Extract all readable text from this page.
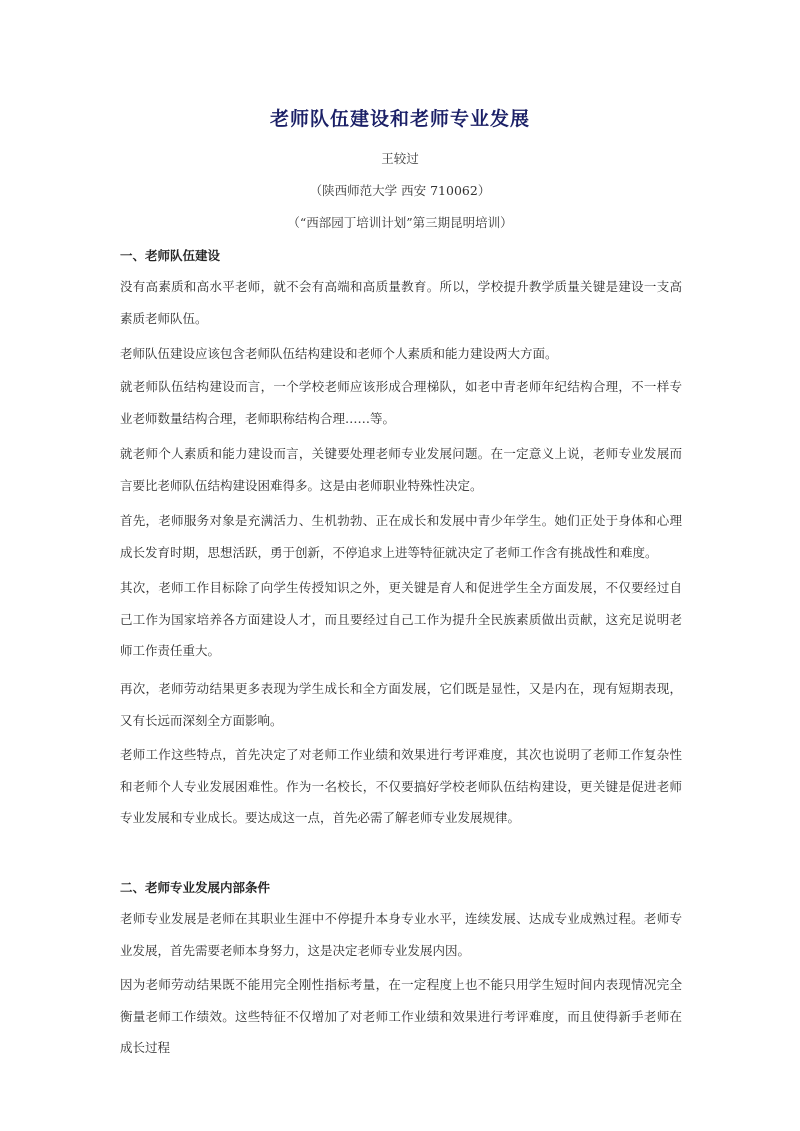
老师队伍建设和老师专业发展
王较过
（陕西师范大学 西安 710062）
（“西部园丁培训计划”第三期昆明培训）
一、老师队伍建设

没有高素质和高水平老师，就不会有高端和高质量教育。所以，学校提升教学质量关键是建设一支高素质老师队伍。

老师队伍建设应该包含老师队伍结构建设和老师个人素质和能力建设两大方面。

就老师队伍结构建设而言，一个学校老师应该形成合理梯队，如老中青老师年纪结构合理，不一样专业老师数量结构合理，老师职称结构合理……等。

就老师个人素质和能力建设而言，关键要处理老师专业发展问题。在一定意义上说，老师专业发展而言要比老师队伍结构建设困难得多。这是由老师职业特殊性决定。

首先，老师服务对象是充满活力、生机勃勃、正在成长和发展中青少年学生。她们正处于身体和心理成长发育时期，思想活跃，勇于创新，不停追求上进等特征就决定了老师工作含有挑战性和难度。

其次，老师工作目标除了向学生传授知识之外，更关键是育人和促进学生全方面发展，不仅要经过自己工作为国家培养各方面建设人才，而且要经过自己工作为提升全民族素质做出贡献，这充足说明老师工作责任重大。

再次，老师劳动结果更多表现为学生成长和全方面发展，它们既是显性，又是内在，现有短期表现，又有长远而深刻全方面影响。

老师工作这些特点，首先决定了对老师工作业绩和效果进行考评难度，其次也说明了老师工作复杂性和老师个人专业发展困难性。作为一名校长，不仅要搞好学校老师队伍结构建设，更关键是促进老师专业发展和专业成长。要达成这一点，首先必需了解老师专业发展规律。

二、老师专业发展内部条件

老师专业发展是老师在其职业生涯中不停提升本身专业水平，连续发展、达成专业成熟过程。老师专业发展，首先需要老师本身努力，这是决定老师专业发展内因。

因为老师劳动结果既不能用完全刚性指标考量，在一定程度上也不能只用学生短时间内表现情况完全衡量老师工作绩效。这些特征不仅增加了对老师工作业绩和效果进行考评难度，而且使得新手老师在成长过程
